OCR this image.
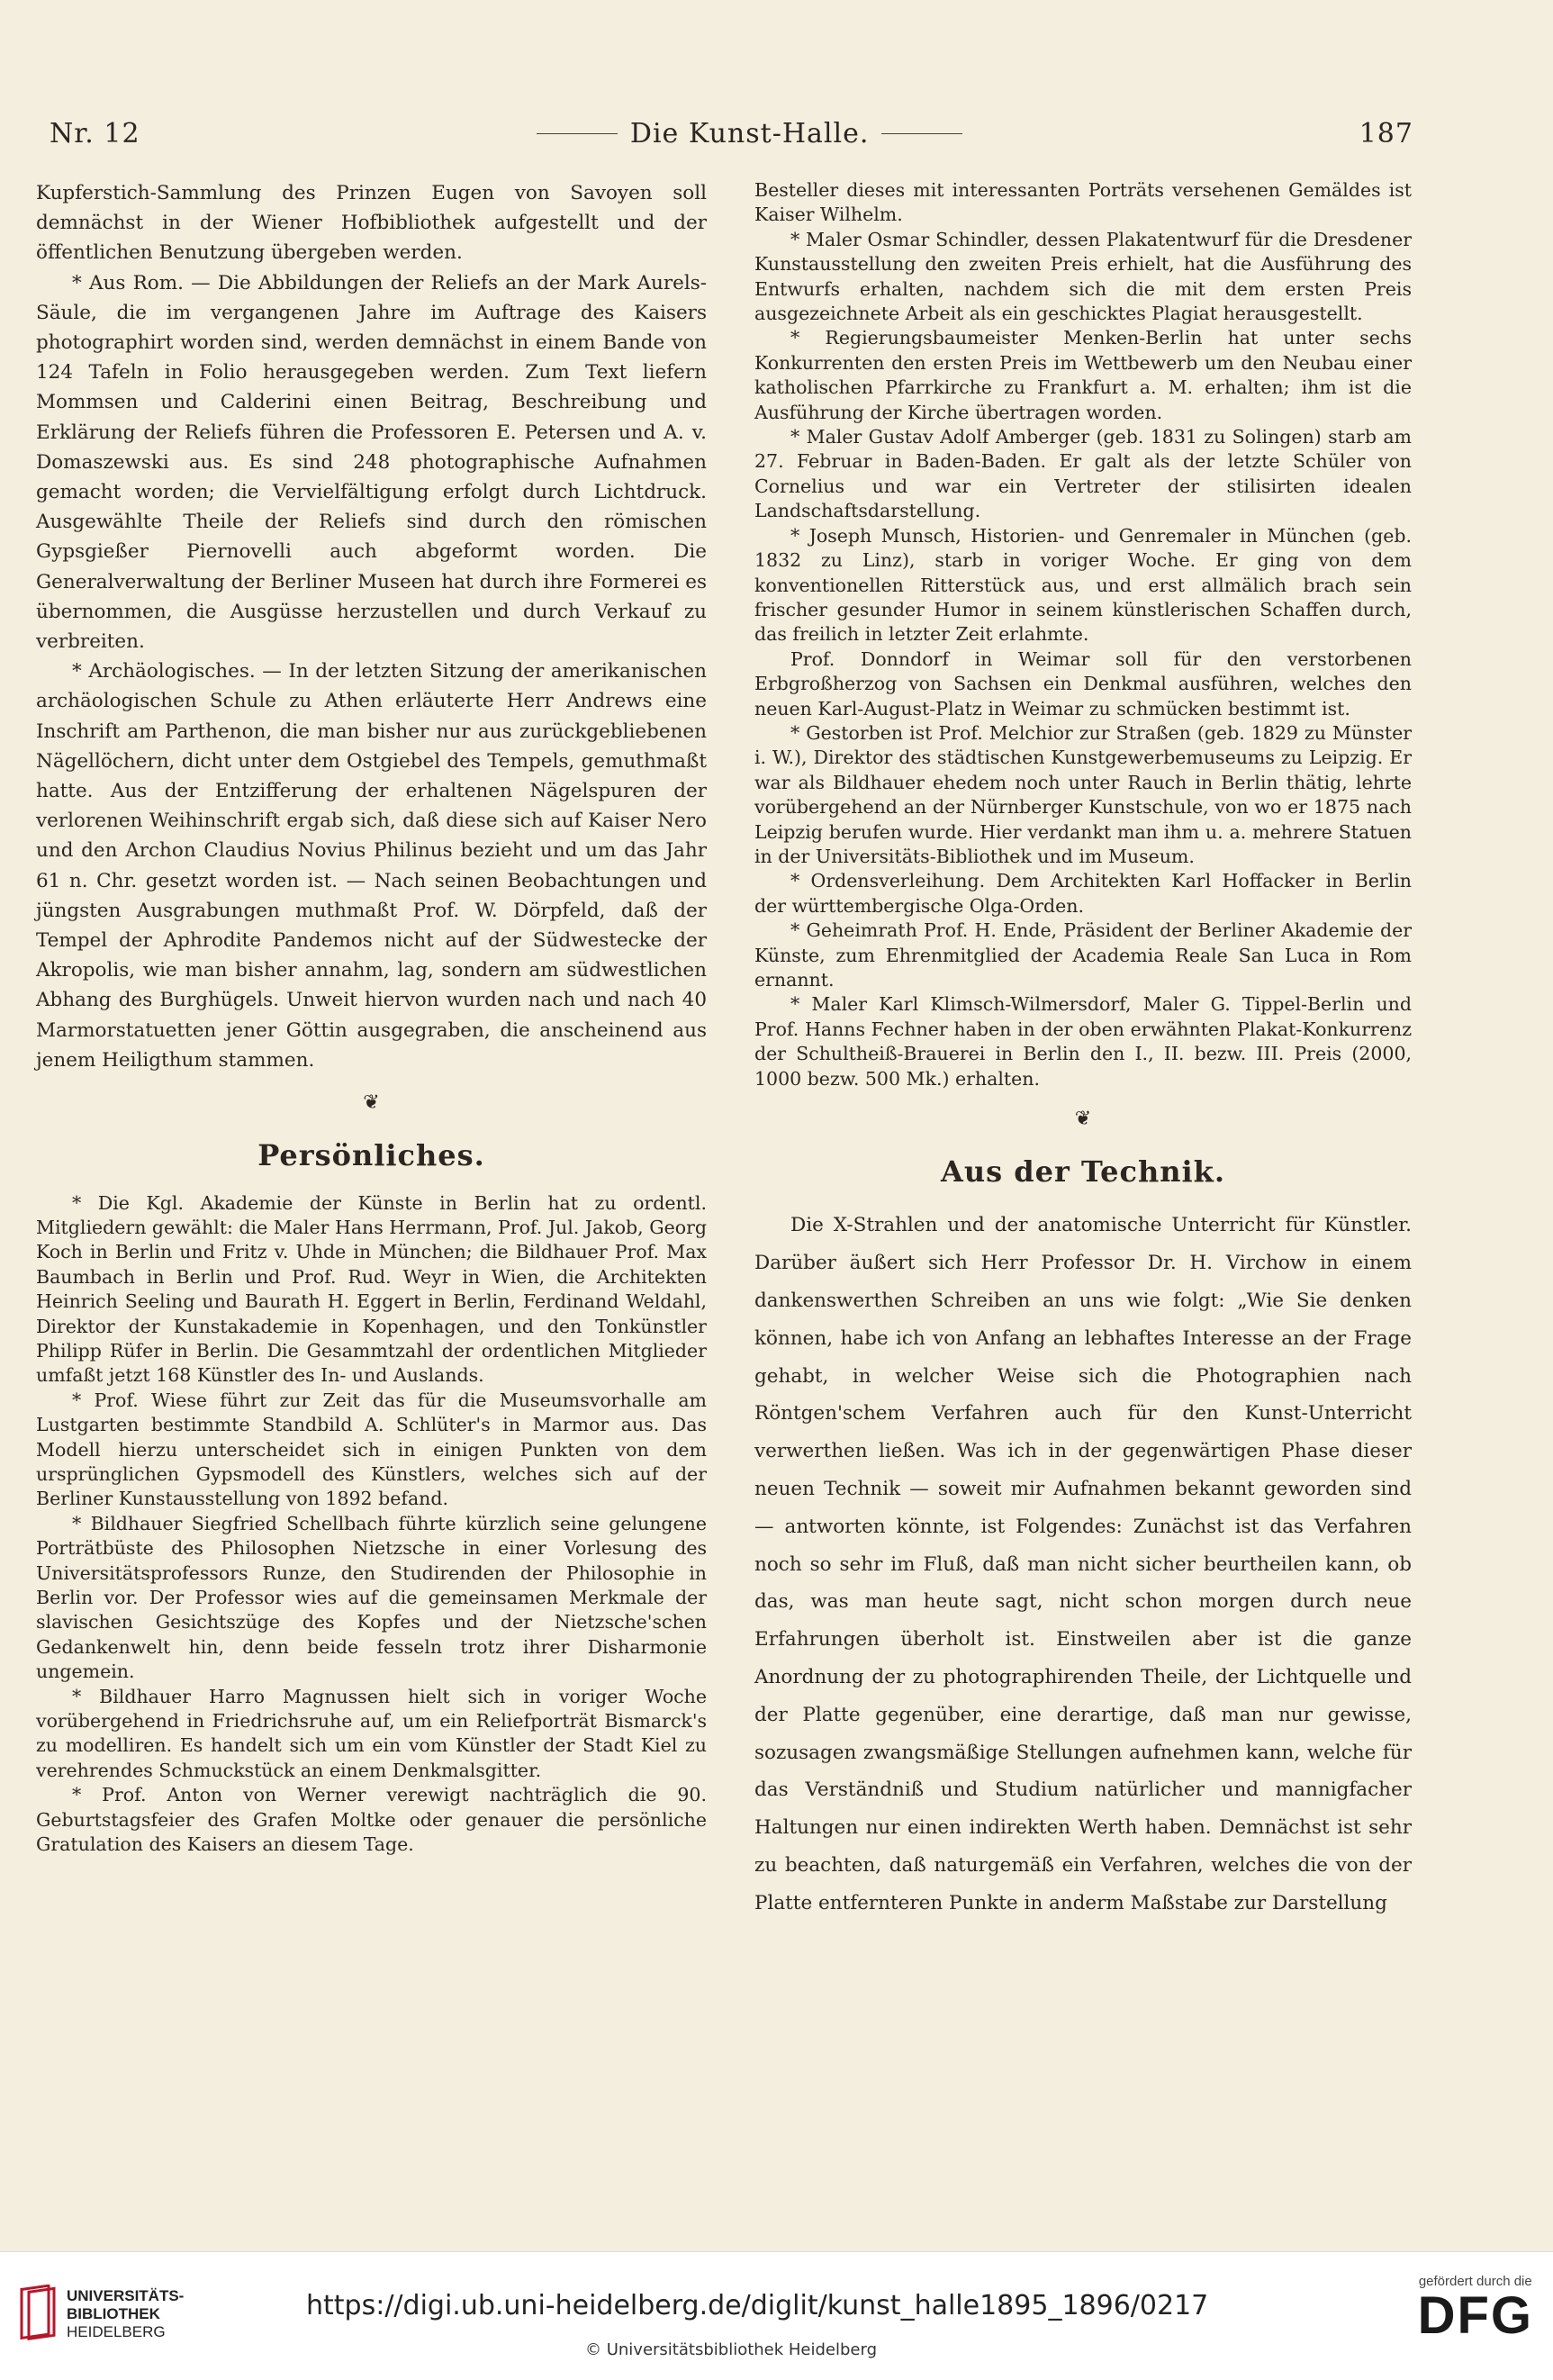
Nr. 12	Die Kunst-Halle.	187

Kupferstich-Sammlung des Prinzen Eugen von Savoyen soll demnächst in der Wiener Hofbibliothek aufgestellt und der öffentlichen Benutzung übergeben werden.

* Aus Rom. — Die Abbildungen der Reliefs an der Mark Aurels-Säule, die im vergangenen Jahre im Auftrage des Kaisers photographirt worden sind, werden demnächst in einem Bande von 124 Tafeln in Folio herausgegeben werden. Zum Text liefern Mommsen und Calderini einen Beitrag, Beschreibung und Erklärung der Reliefs führen die Professoren E. Petersen und A. v. Domaszewski aus. Es sind 248 photographische Aufnahmen gemacht worden; die Vervielfältigung erfolgt durch Lichtdruck. Ausgewählte Theile der Reliefs sind durch den römischen Gypsgießer Piernovelli auch abgeformt worden. Die Generalverwaltung der Berliner Museen hat durch ihre Formerei es übernommen, die Ausgüsse herzustellen und durch Verkauf zu verbreiten.

* Archäologisches. — In der letzten Sitzung der amerikanischen archäologischen Schule zu Athen erläuterte Herr Andrews eine Inschrift am Parthenon, die man bisher nur aus zurückgebliebenen Nägellöchern, dicht unter dem Ostgiebel des Tempels, gemuthmaßt hatte. Aus der Entzifferung der erhaltenen Nägelspuren der verlorenen Weihinschrift ergab sich, daß diese sich auf Kaiser Nero und den Archon Claudius Novius Philinus bezieht und um das Jahr 61 n. Chr. gesetzt worden ist. — Nach seinen Beobachtungen und jüngsten Ausgrabungen muthmaßt Prof. W. Dörpfeld, daß der Tempel der Aphrodite Pandemos nicht auf der Südwestecke der Akropolis, wie man bisher annahm, lag, sondern am südwestlichen Abhang des Burghügels. Unweit hiervon wurden nach und nach 40 Marmorstatuetten jener Göttin ausgegraben, die anscheinend aus jenem Heiligthum stammen.

❦
Persönliches.

* Die Kgl. Akademie der Künste in Berlin hat zu ordentl. Mitgliedern gewählt: die Maler Hans Herrmann, Prof. Jul. Jakob, Georg Koch in Berlin und Fritz v. Uhde in München; die Bildhauer Prof. Max Baumbach in Berlin und Prof. Rud. Weyr in Wien, die Architekten Heinrich Seeling und Baurath H. Eggert in Berlin, Ferdinand Weldahl, Direktor der Kunstakademie in Kopenhagen, und den Tonkünstler Philipp Rüfer in Berlin. Die Gesammtzahl der ordentlichen Mitglieder umfaßt jetzt 168 Künstler des In- und Auslands.

* Prof. Wiese führt zur Zeit das für die Museumsvorhalle am Lustgarten bestimmte Standbild A. Schlüter's in Marmor aus. Das Modell hierzu unterscheidet sich in einigen Punkten von dem ursprünglichen Gypsmodell des Künstlers, welches sich auf der Berliner Kunstausstellung von 1892 befand.

* Bildhauer Siegfried Schellbach führte kürzlich seine gelungene Porträtbüste des Philosophen Nietzsche in einer Vorlesung des Universitätsprofessors Runze, den Studirenden der Philosophie in Berlin vor. Der Professor wies auf die gemeinsamen Merkmale der slavischen Gesichtszüge des Kopfes und der Nietzsche'schen Gedankenwelt hin, denn beide fesseln trotz ihrer Disharmonie ungemein.

* Bildhauer Harro Magnussen hielt sich in voriger Woche vorübergehend in Friedrichsruhe auf, um ein Reliefporträt Bismarck's zu modelliren. Es handelt sich um ein vom Künstler der Stadt Kiel zu verehrendes Schmuckstück an einem Denkmalsgitter.

* Prof. Anton von Werner verewigt nachträglich die 90. Geburtstagsfeier des Grafen Moltke oder genauer die persönliche Gratulation des Kaisers an diesem Tage.

Besteller dieses mit interessanten Porträts versehenen Gemäldes ist Kaiser Wilhelm.

* Maler Osmar Schindler, dessen Plakatentwurf für die Dresdener Kunstausstellung den zweiten Preis erhielt, hat die Ausführung des Entwurfs erhalten, nachdem sich die mit dem ersten Preis ausgezeichnete Arbeit als ein geschicktes Plagiat herausgestellt.

* Regierungsbaumeister Menken-Berlin hat unter sechs Konkurrenten den ersten Preis im Wettbewerb um den Neubau einer katholischen Pfarrkirche zu Frankfurt a. M. erhalten; ihm ist die Ausführung der Kirche übertragen worden.

* Maler Gustav Adolf Amberger (geb. 1831 zu Solingen) starb am 27. Februar in Baden-Baden. Er galt als der letzte Schüler von Cornelius und war ein Vertreter der stilisirten idealen Landschaftsdarstellung.

* Joseph Munsch, Historien- und Genremaler in München (geb. 1832 zu Linz), starb in voriger Woche. Er ging von dem konventionellen Ritterstück aus, und erst allmälich brach sein frischer gesunder Humor in seinem künstlerischen Schaffen durch, das freilich in letzter Zeit erlahmte.

Prof. Donndorf in Weimar soll für den verstorbenen Erbgroßherzog von Sachsen ein Denkmal ausführen, welches den neuen Karl-August-Platz in Weimar zu schmücken bestimmt ist.

* Gestorben ist Prof. Melchior zur Straßen (geb. 1829 zu Münster i. W.), Direktor des städtischen Kunstgewerbemuseums zu Leipzig. Er war als Bildhauer ehedem noch unter Rauch in Berlin thätig, lehrte vorübergehend an der Nürnberger Kunstschule, von wo er 1875 nach Leipzig berufen wurde. Hier verdankt man ihm u. a. mehrere Statuen in der Universitäts-Bibliothek und im Museum.

* Ordensverleihung. Dem Architekten Karl Hoffacker in Berlin der württembergische Olga-Orden.

* Geheimrath Prof. H. Ende, Präsident der Berliner Akademie der Künste, zum Ehrenmitglied der Academia Reale San Luca in Rom ernannt.

* Maler Karl Klimsch-Wilmersdorf, Maler G. Tippel-Berlin und Prof. Hanns Fechner haben in der oben erwähnten Plakat-Konkurrenz der Schultheiß-Brauerei in Berlin den I., II. bezw. III. Preis (2000, 1000 bezw. 500 Mk.) erhalten.

❦
Aus der Technik.

Die X-Strahlen und der anatomische Unterricht für Künstler. Darüber äußert sich Herr Professor Dr. H. Virchow in einem dankenswerthen Schreiben an uns wie folgt: „Wie Sie denken können, habe ich von Anfang an lebhaftes Interesse an der Frage gehabt, in welcher Weise sich die Photographien nach Röntgen'schem Verfahren auch für den Kunst-Unterricht verwerthen ließen. Was ich in der gegenwärtigen Phase dieser neuen Technik — soweit mir Aufnahmen bekannt geworden sind — antworten könnte, ist Folgendes: Zunächst ist das Verfahren noch so sehr im Fluß, daß man nicht sicher beurtheilen kann, ob das, was man heute sagt, nicht schon morgen durch neue Erfahrungen überholt ist. Einstweilen aber ist die ganze Anordnung der zu photographirenden Theile, der Lichtquelle und der Platte gegenüber, eine derartige, daß man nur gewisse, sozusagen zwangsmäßige Stellungen aufnehmen kann, welche für das Verständniß und Studium natürlicher und mannigfacher Haltungen nur einen indirekten Werth haben. Demnächst ist sehr zu beachten, daß naturgemäß ein Verfahren, welches die von der Platte entfernteren Punkte in anderm Maßstabe zur Darstellung

UNIVERSITÄTS-
BIBLIOTHEK
HEIDELBERG
https://digi.ub.uni-heidelberg.de/diglit/kunst_halle1895_1896/0217
© Universitätsbibliothek Heidelberg
gefördert durch die
DFG
